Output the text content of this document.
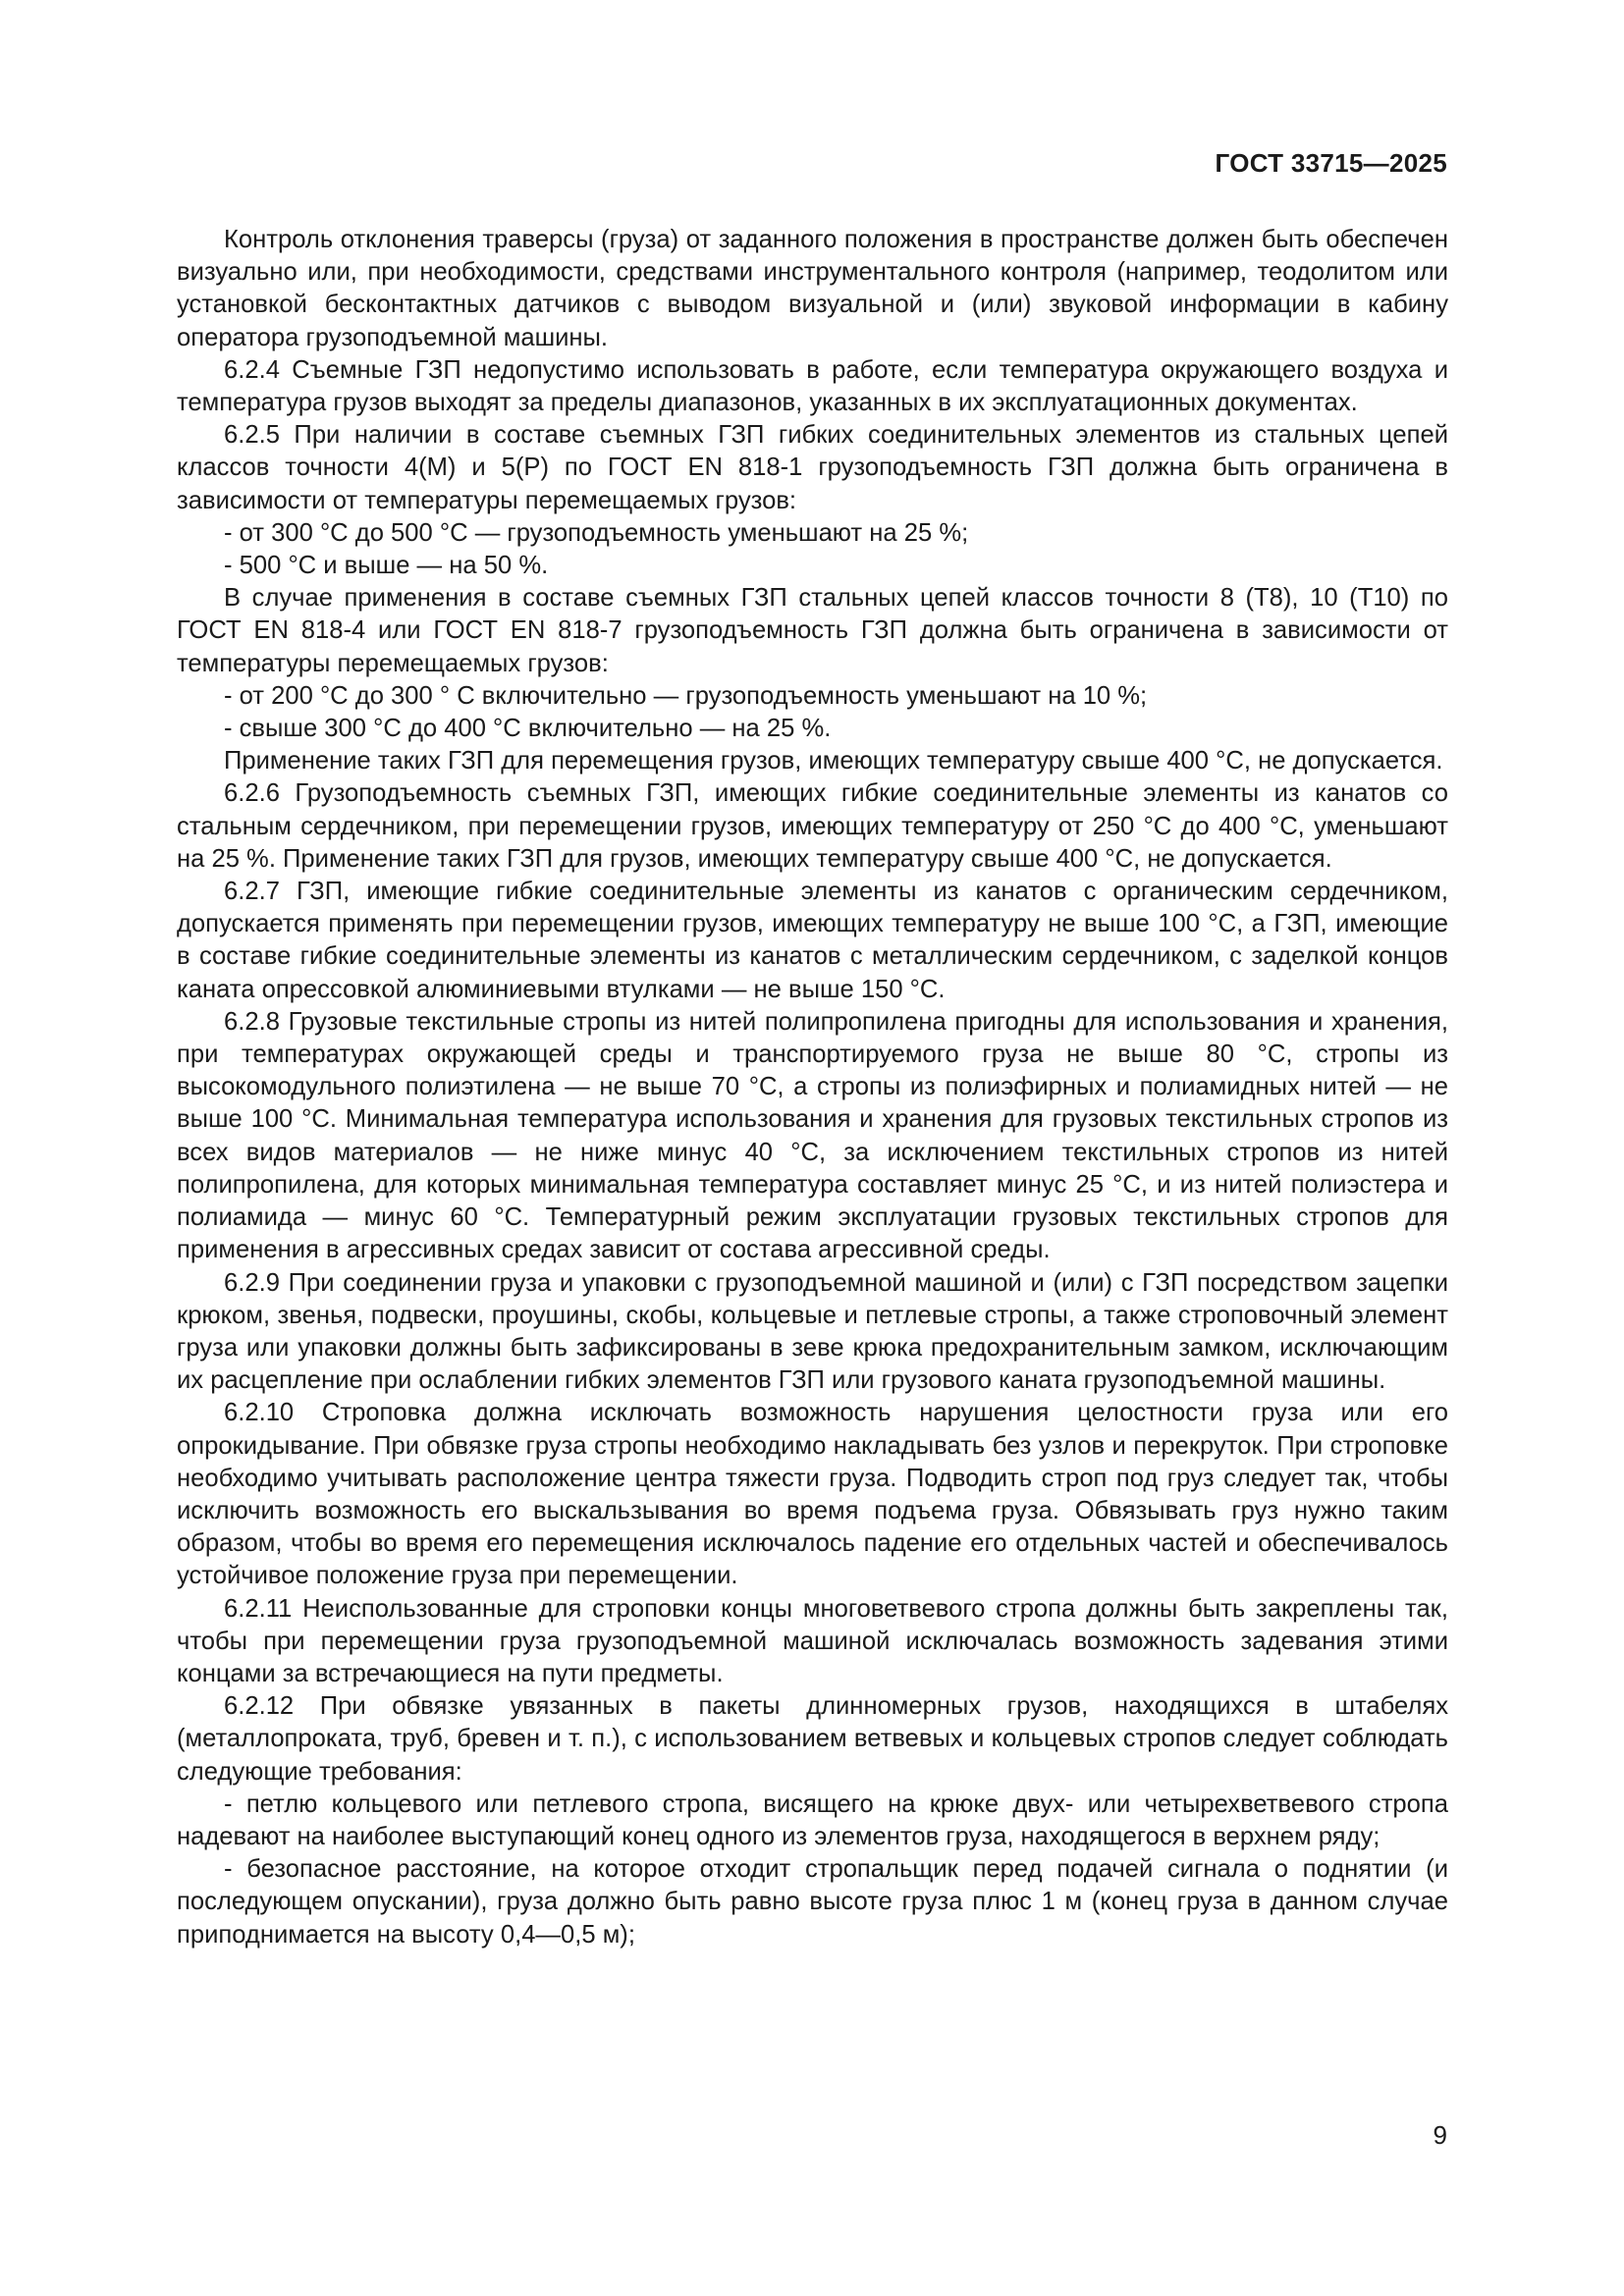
ГОСТ 33715—2025

Контроль отклонения траверсы (груза) от заданного положения в пространстве должен быть обеспечен визуально или, при необходимости, средствами инструментального контроля (например, теодолитом или установкой бесконтактных датчиков с выводом визуальной и (или) звуковой информации в кабину оператора грузоподъемной машины.

6.2.4 Съемные ГЗП недопустимо использовать в работе, если температура окружающего воздуха и температура грузов выходят за пределы диапазонов, указанных в их эксплуатационных документах.

6.2.5 При наличии в составе съемных ГЗП гибких соединительных элементов из стальных цепей классов точности 4(М) и 5(Р) по ГОСТ EN 818-1 грузоподъемность ГЗП должна быть ограничена в зависимости от температуры перемещаемых грузов:

- от 300 °С до 500 °С — грузоподъемность уменьшают на 25 %;

- 500 °С и выше — на 50 %.

В случае применения в составе съемных ГЗП стальных цепей классов точности 8 (Т8), 10 (Т10) по ГОСТ EN 818-4 или ГОСТ EN 818-7 грузоподъемность ГЗП должна быть ограничена в зависимости от температуры перемещаемых грузов:

- от 200 °С до 300 ° С включительно — грузоподъемность уменьшают на 10 %;

- свыше 300 °С до 400 °С включительно — на 25 %.

Применение таких ГЗП для перемещения грузов, имеющих температуру свыше 400 °С, не допускается.

6.2.6 Грузоподъемность съемных ГЗП, имеющих гибкие соединительные элементы из канатов со стальным сердечником, при перемещении грузов, имеющих температуру от 250 °С до 400 °С, уменьшают на 25 %. Применение таких ГЗП для грузов, имеющих температуру свыше 400 °С, не допускается.

6.2.7 ГЗП, имеющие гибкие соединительные элементы из канатов с органическим сердечником, допускается применять при перемещении грузов, имеющих температуру не выше 100 °С, а ГЗП, имеющие в составе гибкие соединительные элементы из канатов с металлическим сердечником, с заделкой концов каната опрессовкой алюминиевыми втулками — не выше 150 °С.

6.2.8 Грузовые текстильные стропы из нитей полипропилена пригодны для использования и хранения, при температурах окружающей среды и транспортируемого груза не выше 80 °С, стропы из высокомодульного полиэтилена — не выше 70 °С, а стропы из полиэфирных и полиамидных нитей — не выше 100 °С. Минимальная температура использования и хранения для грузовых текстильных стропов из всех видов материалов — не ниже минус 40 °С, за исключением текстильных стропов из нитей полипропилена, для которых минимальная температура составляет минус 25 °С, и из нитей полиэстера и полиамида — минус 60 °С. Температурный режим эксплуатации грузовых текстильных стропов для применения в агрессивных средах зависит от состава агрессивной среды.

6.2.9 При соединении груза и упаковки с грузоподъемной машиной и (или) с ГЗП посредством зацепки крюком, звенья, подвески, проушины, скобы, кольцевые и петлевые стропы, а также строповочный элемент груза или упаковки должны быть зафиксированы в зеве крюка предохранительным замком, исключающим их расцепление при ослаблении гибких элементов ГЗП или грузового каната грузоподъемной машины.

6.2.10 Строповка должна исключать возможность нарушения целостности груза или его опрокидывание. При обвязке груза стропы необходимо накладывать без узлов и перекруток. При строповке необходимо учитывать расположение центра тяжести груза. Подводить строп под груз следует так, чтобы исключить возможность его выскальзывания во время подъема груза. Обвязывать груз нужно таким образом, чтобы во время его перемещения исключалось падение его отдельных частей и обеспечивалось устойчивое положение груза при перемещении.

6.2.11 Неиспользованные для строповки концы многоветвевого стропа должны быть закреплены так, чтобы при перемещении груза грузоподъемной машиной исключалась возможность задевания этими концами за встречающиеся на пути предметы.

6.2.12 При обвязке увязанных в пакеты длинномерных грузов, находящихся в штабелях (металлопроката, труб, бревен и т. п.), с использованием ветвевых и кольцевых стропов следует соблюдать следующие требования:

- петлю кольцевого или петлевого стропа, висящего на крюке двух- или четырехветвевого стропа надевают на наиболее выступающий конец одного из элементов груза, находящегося в верхнем ряду;

- безопасное расстояние, на которое отходит стропальщик перед подачей сигнала о поднятии (и последующем опускании), груза должно быть равно высоте груза плюс 1 м (конец груза в данном случае приподнимается на высоту 0,4—0,5 м);

9
